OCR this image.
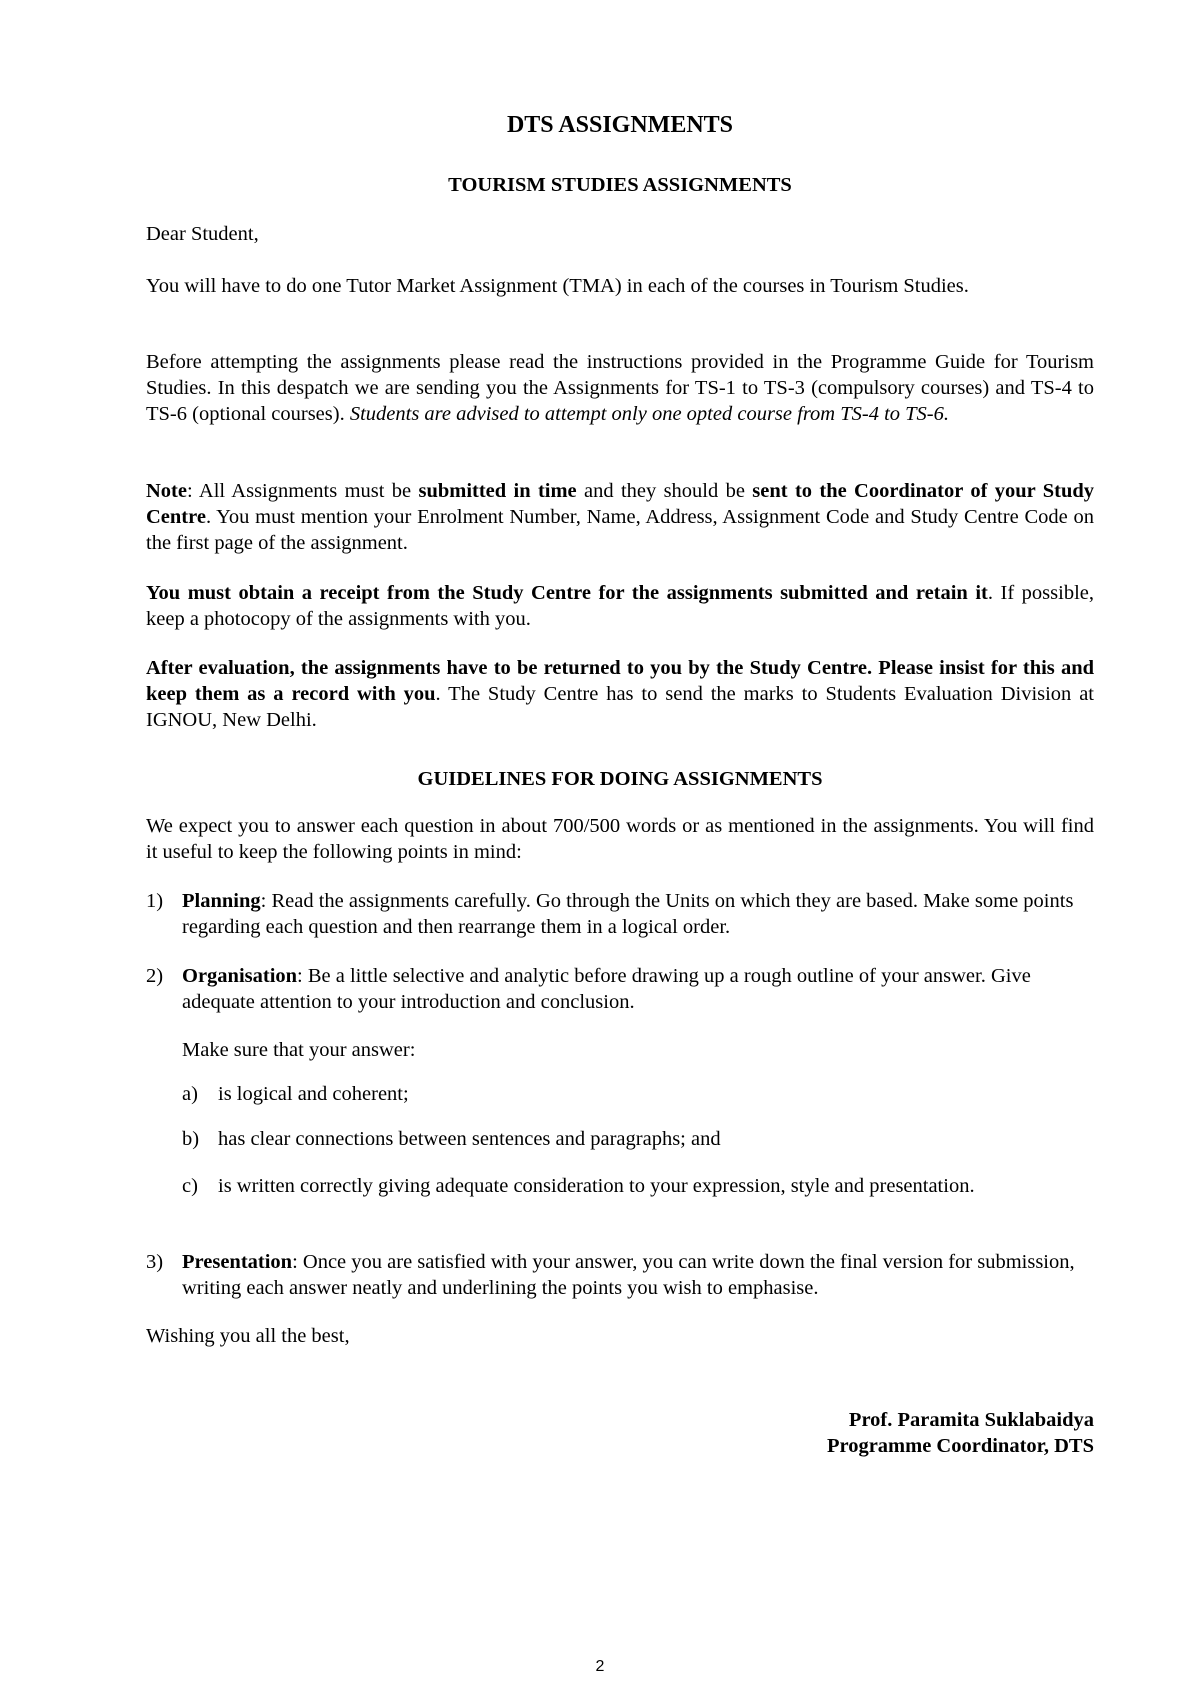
DTS ASSIGNMENTS
TOURISM STUDIES ASSIGNMENTS

Dear Student,

You will have to do one Tutor Market Assignment (TMA) in each of the courses in Tourism Studies.

Before attempting the assignments please read the instructions provided in the Programme Guide for Tourism Studies. In this despatch we are sending you the Assignments for TS-1 to TS-3 (compulsory courses) and TS-4 to TS-6 (optional courses). Students are advised to attempt only one opted course from TS-4 to TS-6.

Note: All Assignments must be submitted in time and they should be sent to the Coordinator of your Study Centre. You must mention your Enrolment Number, Name, Address, Assignment Code and Study Centre Code on the first page of the assignment.

You must obtain a receipt from the Study Centre for the assignments submitted and retain it. If possible, keep a photocopy of the assignments with you.

After evaluation, the assignments have to be returned to you by the Study Centre. Please insist for this and keep them as a record with you. The Study Centre has to send the marks to Students Evaluation Division at IGNOU, New Delhi.

GUIDELINES FOR DOING ASSIGNMENTS

We expect you to answer each question in about 700/500 words or as mentioned in the assignments. You will find it useful to keep the following points in mind:

1) Planning: Read the assignments carefully. Go through the Units on which they are based. Make some points regarding each question and then rearrange them in a logical order.
2) Organisation: Be a little selective and analytic before drawing up a rough outline of your answer. Give adequate attention to your introduction and conclusion.

Make sure that your answer:

a) is logical and coherent;
b) has clear connections between sentences and paragraphs; and
c) is written correctly giving adequate consideration to your expression, style and presentation.
3) Presentation: Once you are satisfied with your answer, you can write down the final version for submission, writing each answer neatly and underlining the points you wish to emphasise.

Wishing you all the best,

Prof. Paramita Suklabaidya
Programme Coordinator, DTS
2
